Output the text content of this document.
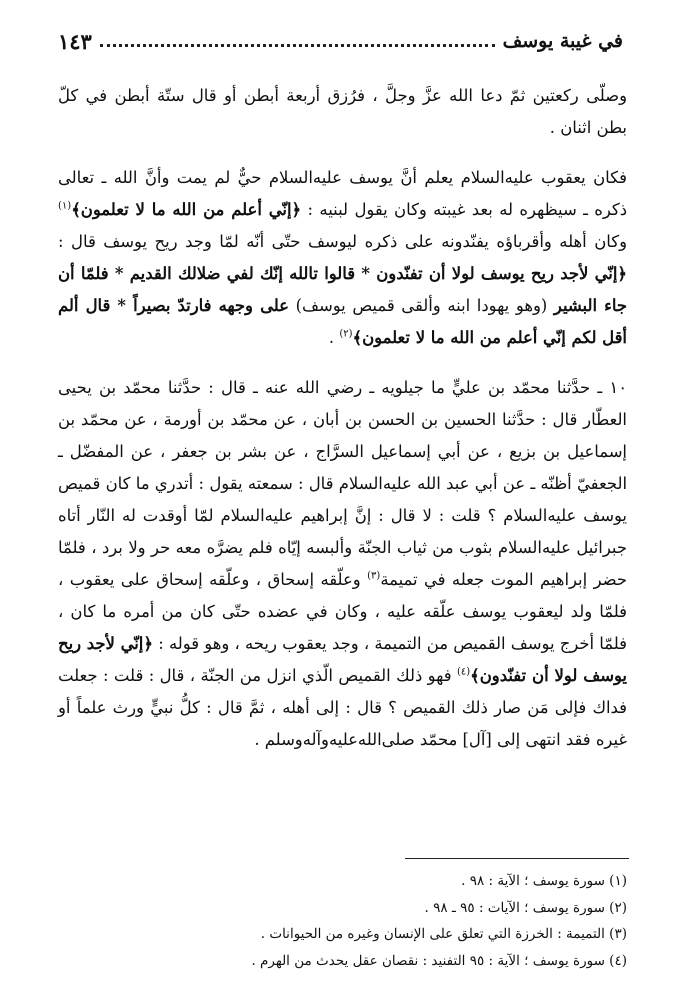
في غيبة يوسف
١٤٣

وصلّى ركعتين ثمّ دعا الله عزَّ وجلَّ ، فرُزق أربعة أبطن أو قال ستّة أبطن في كلّ بطن اثنان .

فكان يعقوب عليه‌السلام يعلم أنَّ يوسف عليه‌السلام حيٌّ لم يمت وأنَّ الله ـ تعالى ذكره ـ سيظهره له بعد غيبته وكان يقول لبنيه : ﴿إنّي أعلم من الله ما لا تعلمون﴾$^{(١)}$ وكان أهله وأقرباؤه يفنّدونه على ذكره ليوسف حتّى أنّه لمّا وجد ريح يوسف قال : ﴿إنّي لأجد ريح يوسف لولا أن تفنّدون * قالوا تالله إنّك لفي ضلالك القديم * فلمّا أن جاء البشير (وهو يهودا ابنه وألقى قميص يوسف) على وجهه فارتدّ بصيراً * قال ألم أقل لكم إنّي أعلم من الله ما لا تعلمون﴾$^{(٢)}$ .

١٠ ـ حدَّثنا محمّد بن عليٍّ ما جيلويه ـ رضي الله عنه ـ قال : حدَّثنا محمّد بن يحيى العطّار قال : حدَّثنا الحسين بن الحسن بن أبان ، عن محمّد بن أورمة ، عن محمّد بن إسماعيل بن بزيع ، عن أبي إسماعيل السرَّاج ، عن بشر بن جعفر ، عن المفضّل ـ الجعفيّ أظنّه ـ عن أبي عبد الله عليه‌السلام قال : سمعته يقول : أتدري ما كان قميص يوسف عليه‌السلام ؟ قلت : لا قال : إنَّ إبراهيم عليه‌السلام لمّا أوقدت له النّار أتاه جبرائيل عليه‌السلام بثوب من ثياب الجنّة وألبسه إيّاه فلم يضرَّه معه حر ولا برد ، فلمّا حضر إبراهيم الموت جعله في تميمة$^{(٣)}$ وعلّقه إسحاق ، وعلّقه إسحاق على يعقوب ، فلمّا ولد ليعقوب يوسف علّقه عليه ، وكان في عضده حتّى كان من أمره ما كان ، فلمّا أخرج يوسف القميص من التميمة ، وجد يعقوب ريحه ، وهو قوله : ﴿إنّي لأجد ريح يوسف لولا أن تفنّدون﴾$^{(٤)}$ فهو ذلك القميص الّذي انزل من الجنّة ، قال : قلت : جعلت فداك فإلى مَن صار ذلك القميص ؟ قال : إلى أهله ، ثمَّ قال : كلُّ نبيٍّ ورث علماً أو غيره فقد انتهى إلى [آل] محمّد صلى‌الله‌عليه‌وآله‌وسلم .

(١) سورة يوسف ؛ الآية : ٩٨ .
(٢) سورة يوسف ؛ الآيات : ٩٥ ـ ٩٨ .
(٣) التميمة : الخرزة التي تعلق على الإنسان وغيره من الحيوانات .
(٤) سورة يوسف ؛ الآية : ٩٥ التفنيد : نقصان عقل يحدث من الهرم .
